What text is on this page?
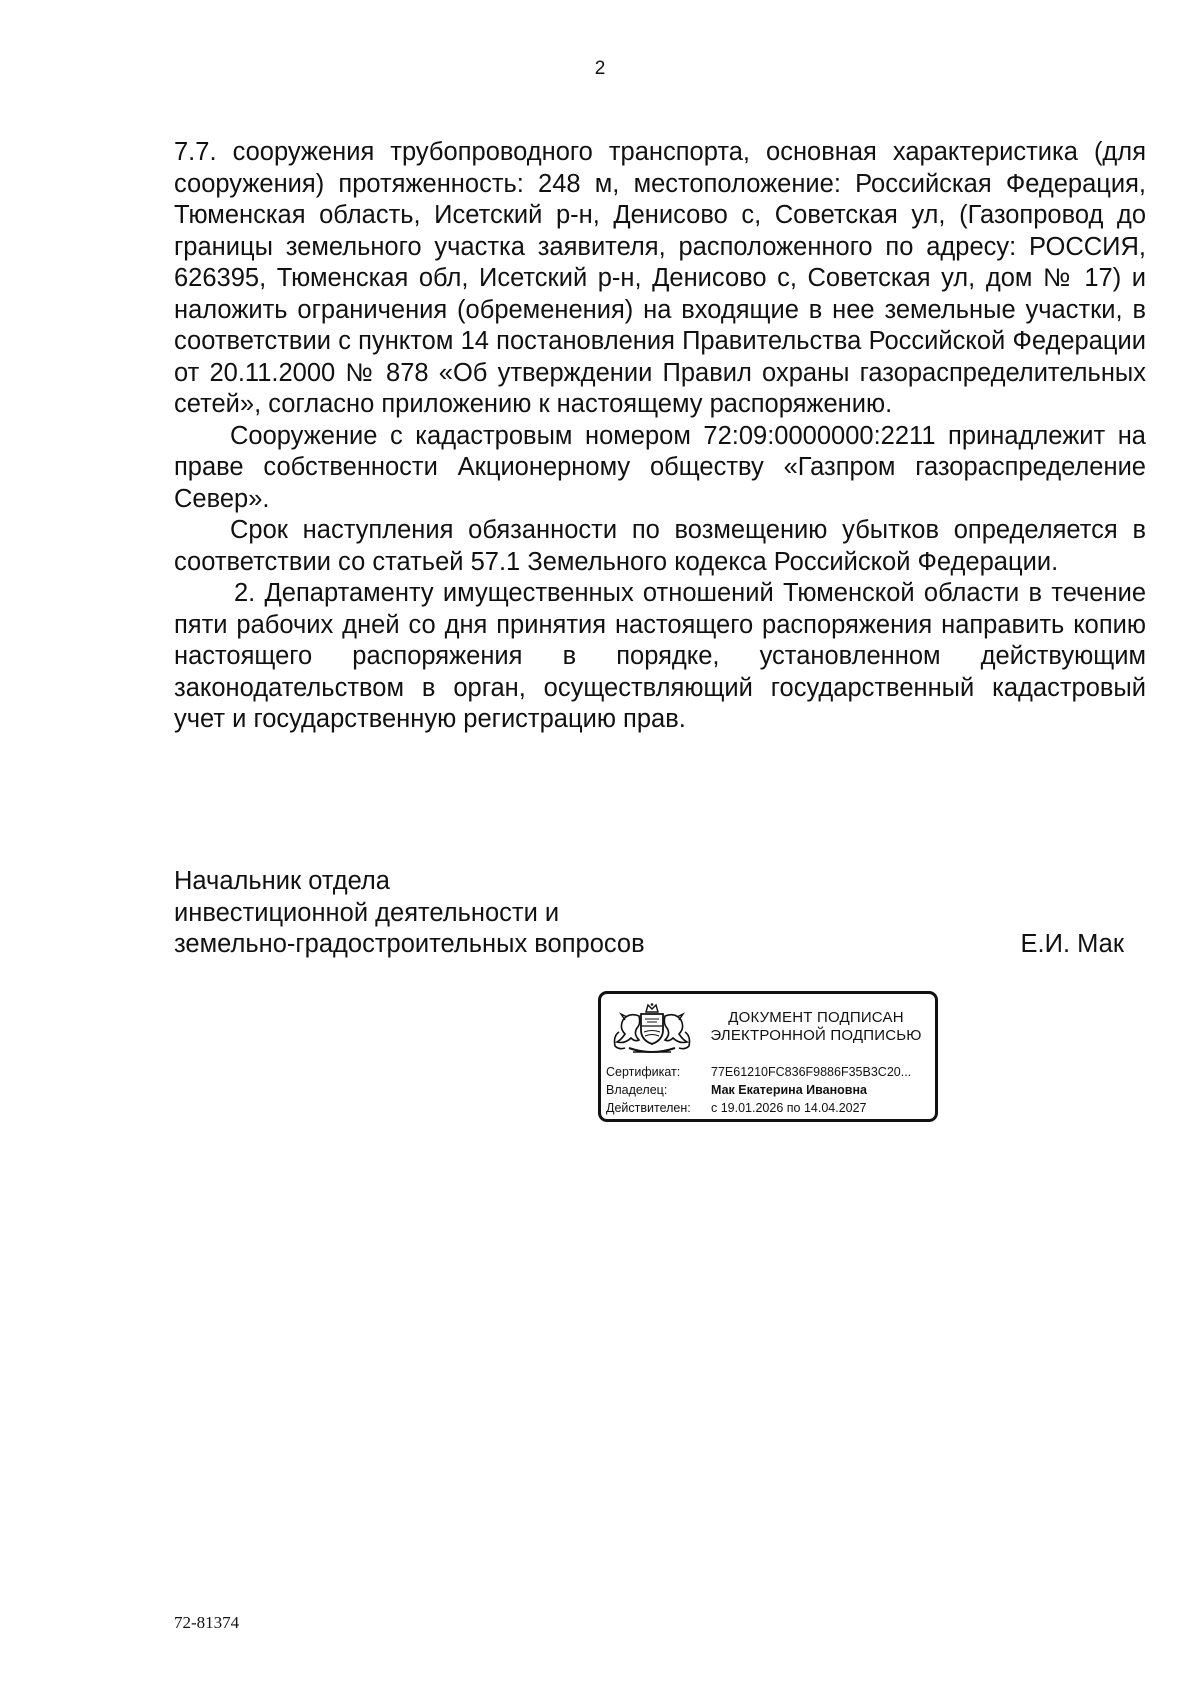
2

7.7. сооружения трубопроводного транспорта, основная характеристика (для сооружения) протяженность: 248 м, местоположение: Российская Федерация, Тюменская область, Исетский р-н, Денисово с, Советская ул, (Газопровод до границы земельного участка заявителя, расположенного по адресу: РОССИЯ, 626395, Тюменская обл, Исетский р-н, Денисово с, Советская ул, дом № 17) и наложить ограничения (обременения) на входящие в нее земельные участки, в соответствии с пунктом 14 постановления Правительства Российской Федерации от 20.11.2000 № 878 «Об утверждении Правил охраны газораспределительных сетей», согласно приложению к настоящему распоряжению.

Сооружение с кадастровым номером 72:09:0000000:2211 принадлежит на праве собственности Акционерному обществу «Газпром газораспределение Север».

Срок наступления обязанности по возмещению убытков определяется в соответствии со статьей 57.1 Земельного кодекса Российской Федерации.

2. Департаменту имущественных отношений Тюменской области в течение пяти рабочих дней со дня принятия настоящего распоряжения направить копию настоящего распоряжения в порядке, установленном действующим законодательством в орган, осуществляющий государственный кадастровый учет и государственную регистрацию прав.

Начальник отдела
инвестиционной деятельности и
земельно-градостроительных вопросов	Е.И. Мак
ДОКУМЕНТ ПОДПИСАН
ЭЛЕКТРОННОЙ ПОДПИСЬЮ
Сертификат: 77E61210FC836F9886F35B3C20...
Владелец:	Мак Екатерина Ивановна
Действителен: с 19.01.2026 по 14.04.2027
72-81374
